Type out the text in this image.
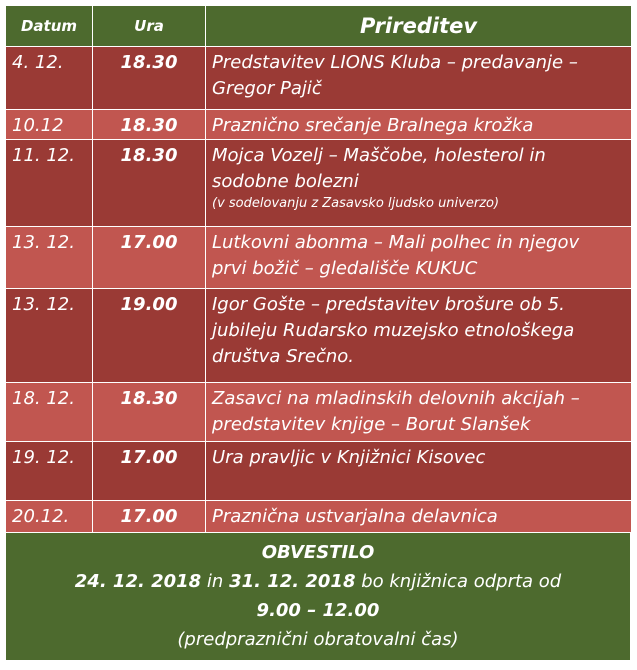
Datum	Ura	Prireditev
4. 12.	18.30	Predstavitev LIONS Kluba – predavanje –
Gregor Pajič
10.12	18.30	Praznično srečanje Bralnega krožka
11. 12.	18.30	Mojca Vozelj – Maščobe, holesterol in
sodobne bolezni
(v sodelovanju z Zasavsko ljudsko univerzo)

13. 12.	17.00	Lutkovni abonma – Mali polhec in njegov
prvi božič – gledališče KUKUC
13. 12.	19.00	Igor Gošte – predstavitev brošure ob 5.
jubileju Rudarsko muzejsko etnološkega
društva Srečno.
18. 12.	18.30	Zasavci na mladinskih delovnih akcijah –
predstavitev knjige – Borut Slanšek
19. 12.	17.00	Ura pravljic v Knjižnici Kisovec
20.12.	17.00	Praznična ustvarjalna delavnica
OBVESTILO
24. 12. 2018 in 31. 12. 2018 bo knjižnica odprta od
9.00 – 12.00
(predpraznični obratovalni čas)
